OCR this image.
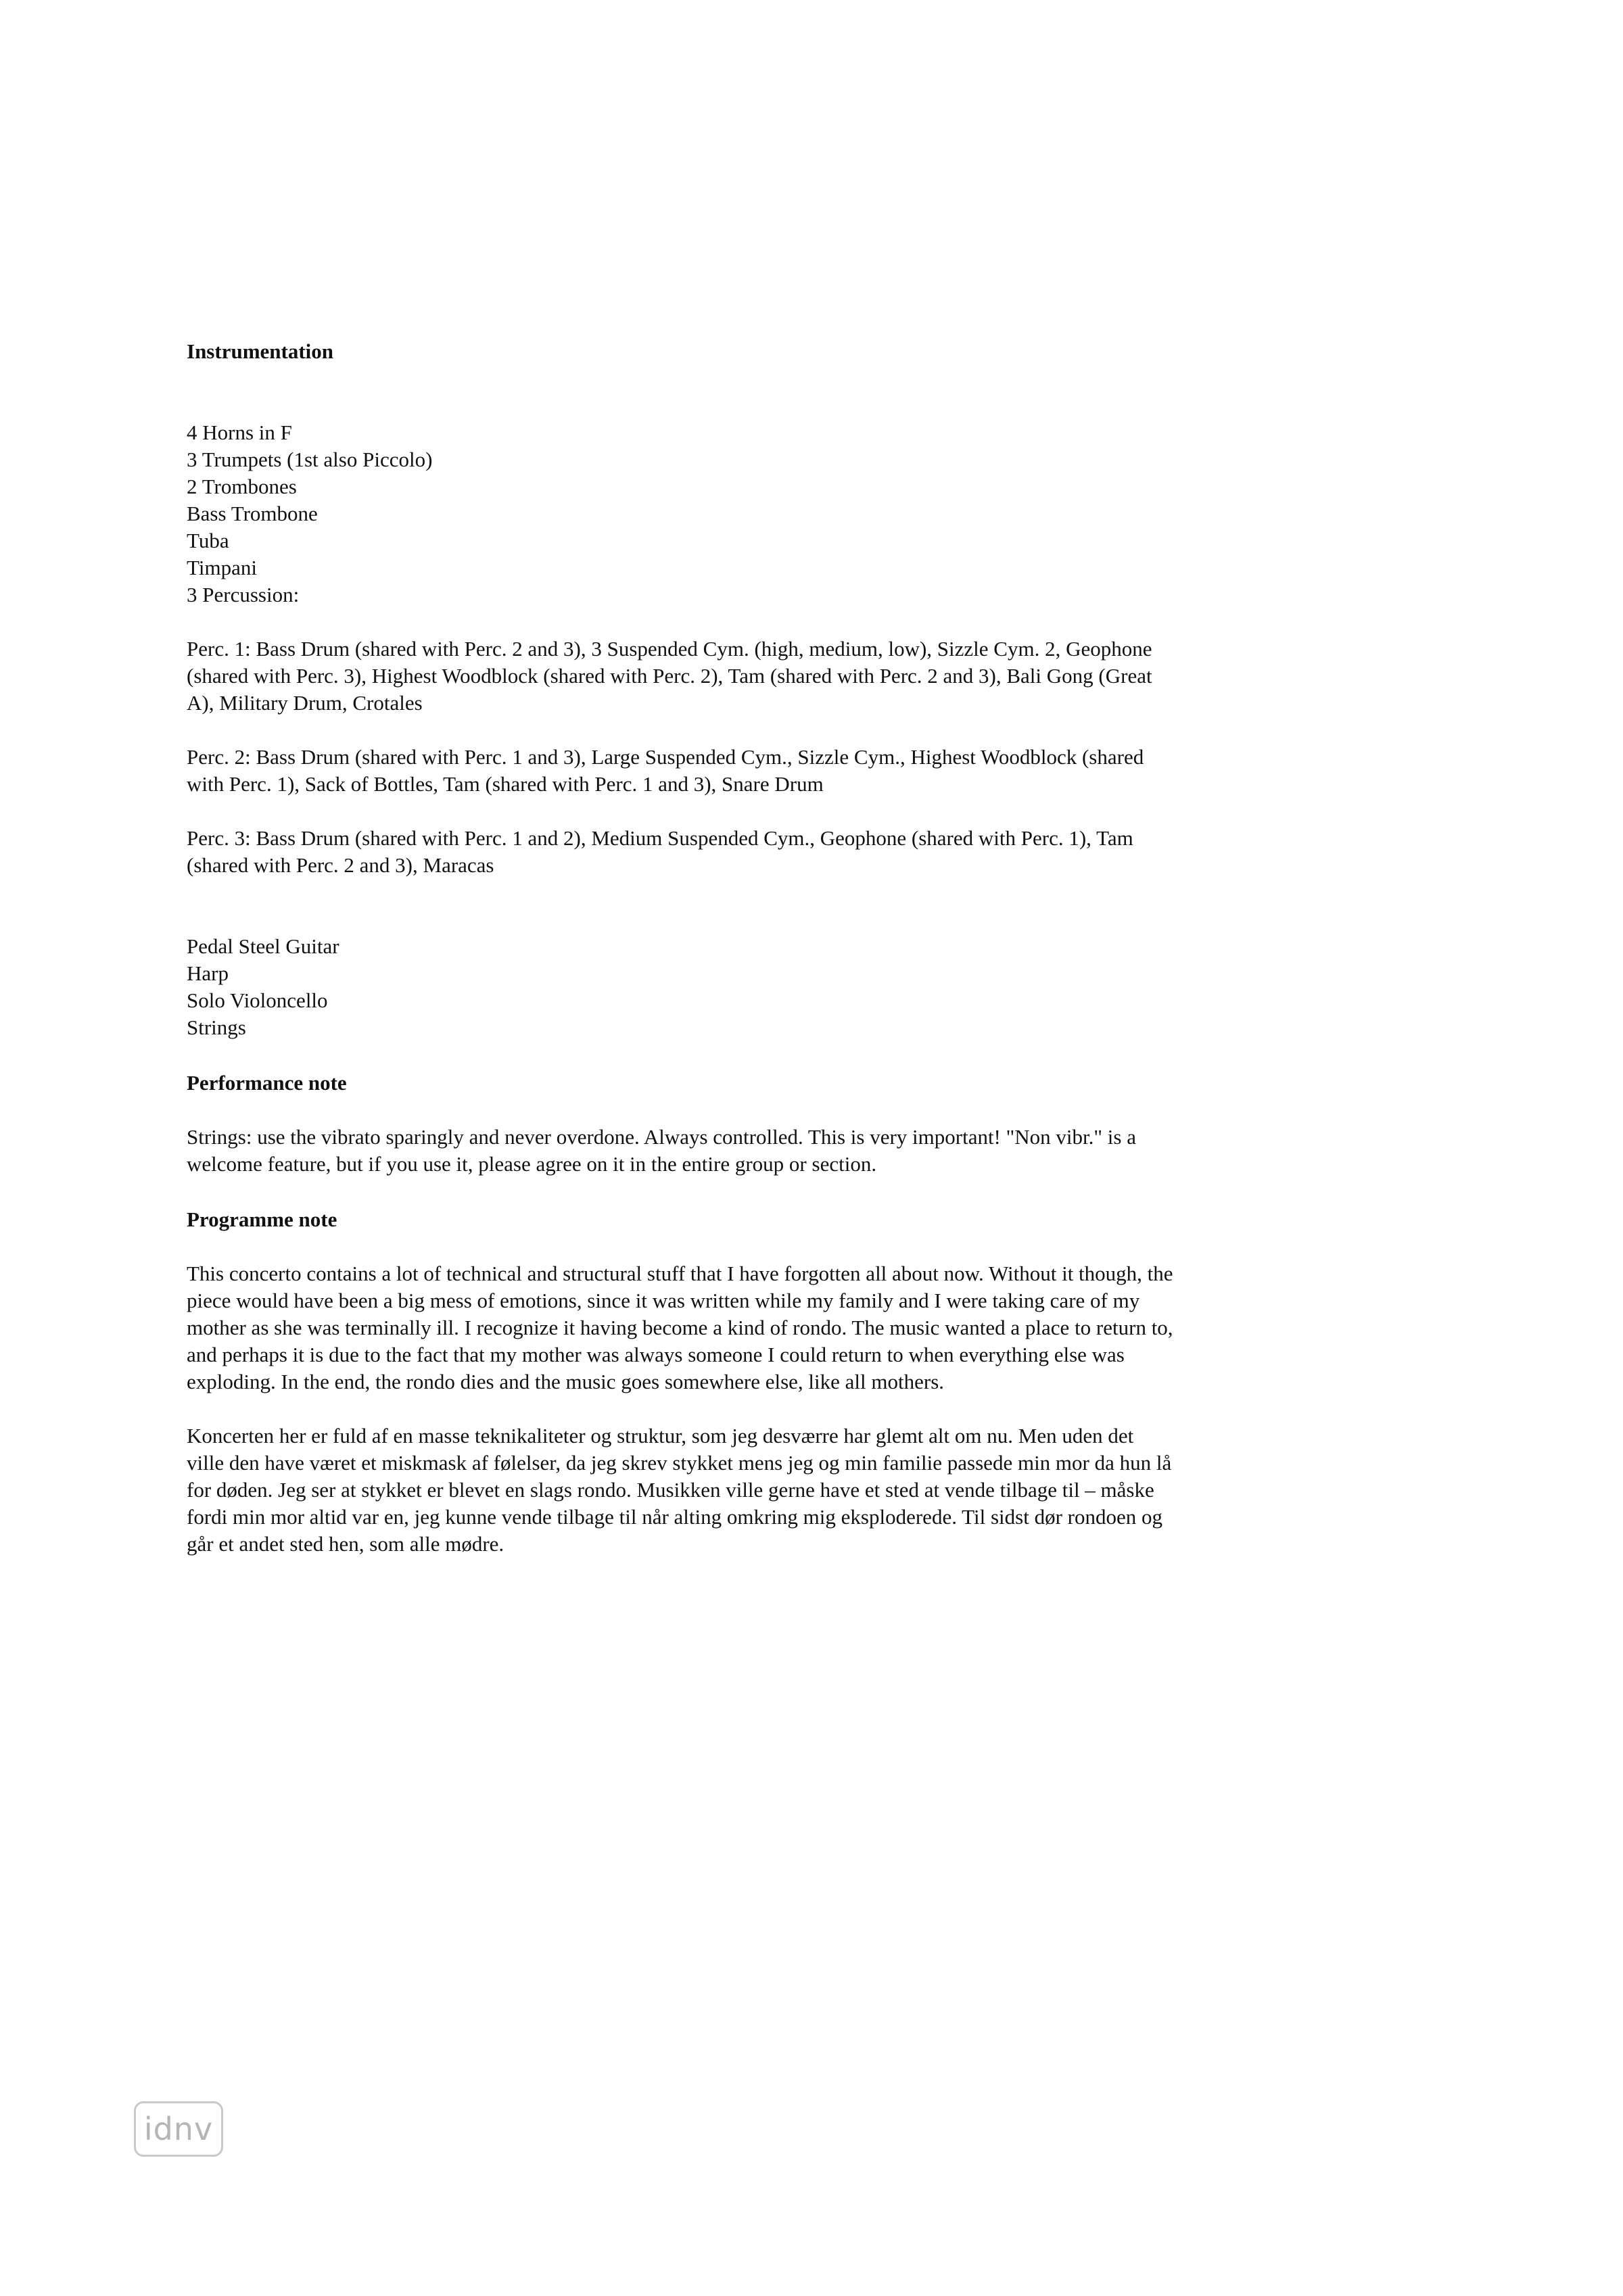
Instrumentation
4 Horns in F
3 Trumpets (1st also Piccolo)
2 Trombones
Bass Trombone
Tuba
Timpani
3 Percussion:

Perc. 1: Bass Drum (shared with Perc. 2 and 3), 3 Suspended Cym. (high, medium, low), Sizzle Cym. 2, Geophone (shared with Perc. 3), Highest Woodblock (shared with Perc. 2), Tam (shared with Perc. 2 and 3), Bali Gong (Great A), Military Drum, Crotales

Perc. 2: Bass Drum (shared with Perc. 1 and 3), Large Suspended Cym., Sizzle Cym., Highest Woodblock (shared with Perc. 1), Sack of Bottles, Tam (shared with Perc. 1 and 3), Snare Drum

Perc. 3: Bass Drum (shared with Perc. 1 and 2), Medium Suspended Cym., Geophone (shared with Perc. 1), Tam (shared with Perc. 2 and 3), Maracas

Pedal Steel Guitar
Harp
Solo Violoncello
Strings
Performance note

Strings: use the vibrato sparingly and never overdone. Always controlled. This is very important! "Non vibr." is a welcome feature, but if you use it, please agree on it in the entire group or section.

Programme note

This concerto contains a lot of technical and structural stuff that I have forgotten all about now. Without it though, the piece would have been a big mess of emotions, since it was written while my family and I were taking care of my mother as she was terminally ill. I recognize it having become a kind of rondo. The music wanted a place to return to, and perhaps it is due to the fact that my mother was always someone I could return to when everything else was exploding. In the end, the rondo dies and the music goes somewhere else, like all mothers.

Koncerten her er fuld af en masse teknikaliteter og struktur, som jeg desværre har glemt alt om nu. Men uden det ville den have været et miskmask af følelser, da jeg skrev stykket mens jeg og min familie passede min mor da hun lå for døden. Jeg ser at stykket er blevet en slags rondo. Musikken ville gerne have et sted at vende tilbage til – måske fordi min mor altid var en, jeg kunne vende tilbage til når alting omkring mig eksploderede. Til sidst dør rondoen og går et andet sted hen, som alle mødre.

idnv
